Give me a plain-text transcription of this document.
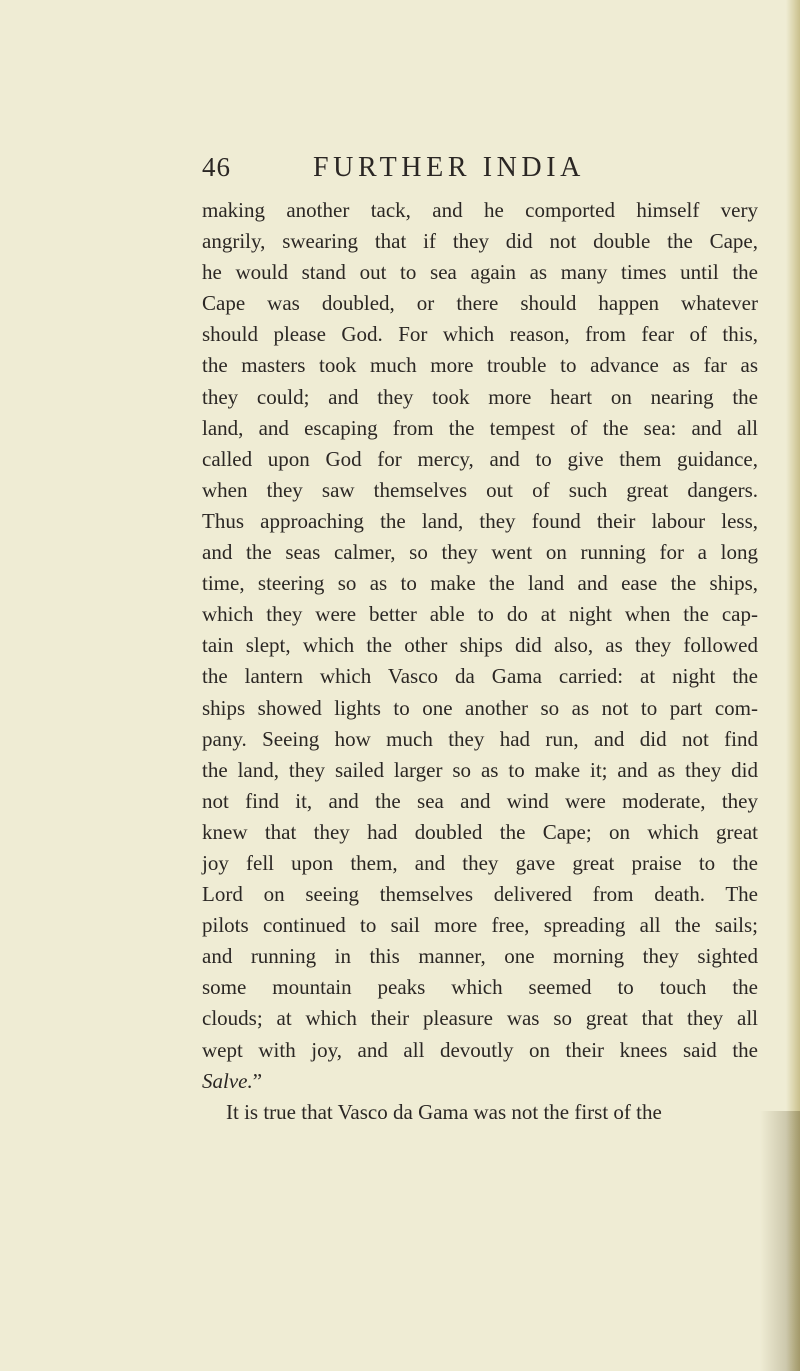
46	FURTHER INDIA
making another tack, and he comported himself very
angrily, swearing that if they did not double the Cape,
he would stand out to sea again as many times until the
Cape was doubled, or there should happen whatever
should please God. For which reason, from fear of this,
the masters took much more trouble to advance as far as
they could; and they took more heart on nearing the
land, and escaping from the tempest of the sea: and all
called upon God for mercy, and to give them guidance,
when they saw themselves out of such great dangers.
Thus approaching the land, they found their labour less,
and the seas calmer, so they went on running for a long
time, steering so as to make the land and ease the ships,
which they were better able to do at night when the cap-
tain slept, which the other ships did also, as they followed
the lantern which Vasco da Gama carried: at night the
ships showed lights to one another so as not to part com-
pany. Seeing how much they had run, and did not find
the land, they sailed larger so as to make it; and as they did
not find it, and the sea and wind were moderate, they
knew that they had doubled the Cape; on which great
joy fell upon them, and they gave great praise to the
Lord on seeing themselves delivered from death. The
pilots continued to sail more free, spreading all the sails;
and running in this manner, one morning they sighted
some mountain peaks which seemed to touch the
clouds; at which their pleasure was so great that they all
wept with joy, and all devoutly on their knees said the
Salve.”
It is true that Vasco da Gama was not the first of the
